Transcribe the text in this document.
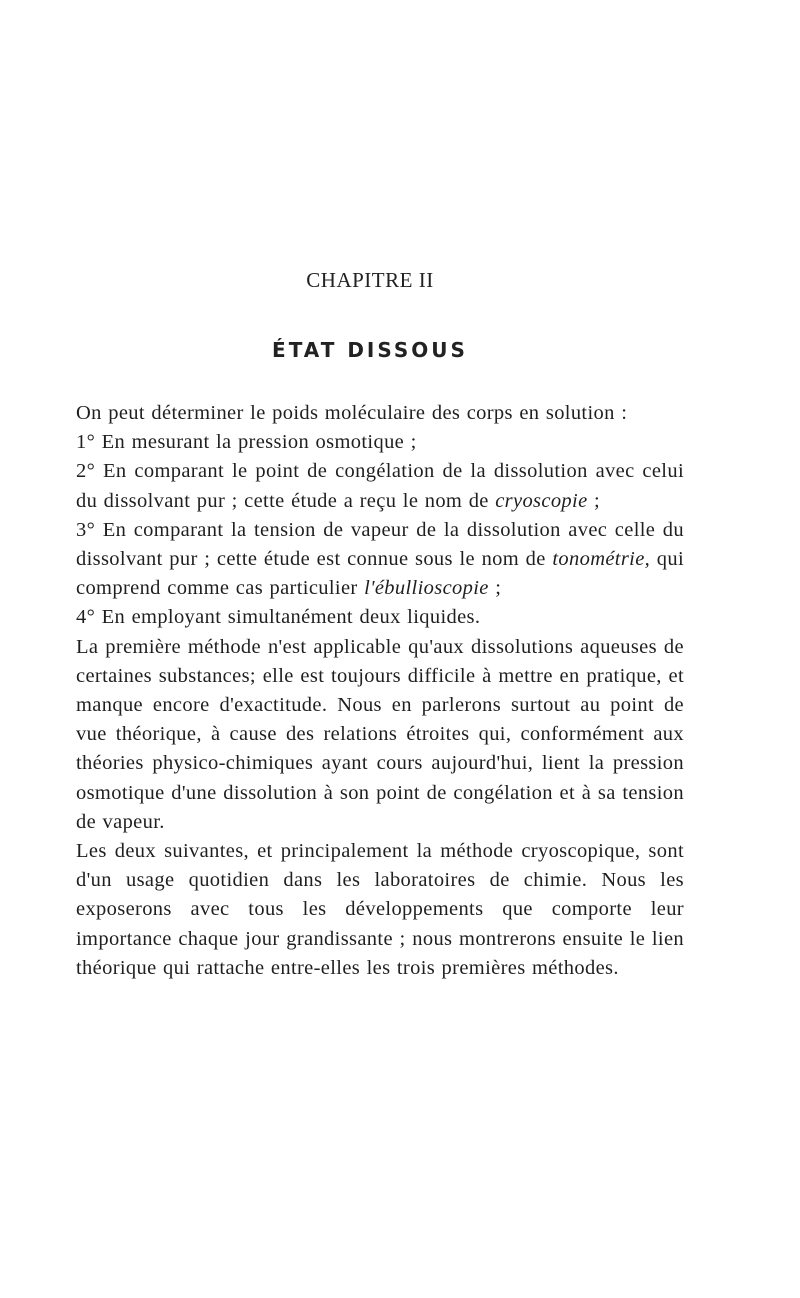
CHAPITRE II
ÉTAT DISSOUS

On peut déterminer le poids moléculaire des corps en solution :

1° En mesurant la pression osmotique ;

2° En comparant le point de congélation de la dissolution avec celui du dissolvant pur ; cette étude a reçu le nom de cryoscopie ;

3° En comparant la tension de vapeur de la dissolution avec celle du dissolvant pur ; cette étude est connue sous le nom de tonométrie, qui comprend comme cas particulier l'ébullioscopie ;

4° En employant simultanément deux liquides.

La première méthode n'est applicable qu'aux dissolutions aqueuses de certaines substances; elle est toujours difficile à mettre en pratique, et manque encore d'exactitude. Nous en parlerons surtout au point de vue théorique, à cause des relations étroites qui, conformément aux théories physico-chimiques ayant cours aujourd'hui, lient la pression osmotique d'une dissolution à son point de congélation et à sa tension de vapeur.

Les deux suivantes, et principalement la méthode cryoscopique, sont d'un usage quotidien dans les laboratoires de chimie. Nous les exposerons avec tous les développements que comporte leur importance chaque jour grandissante ; nous montrerons ensuite le lien théorique qui rattache entre-elles les trois premières méthodes.
